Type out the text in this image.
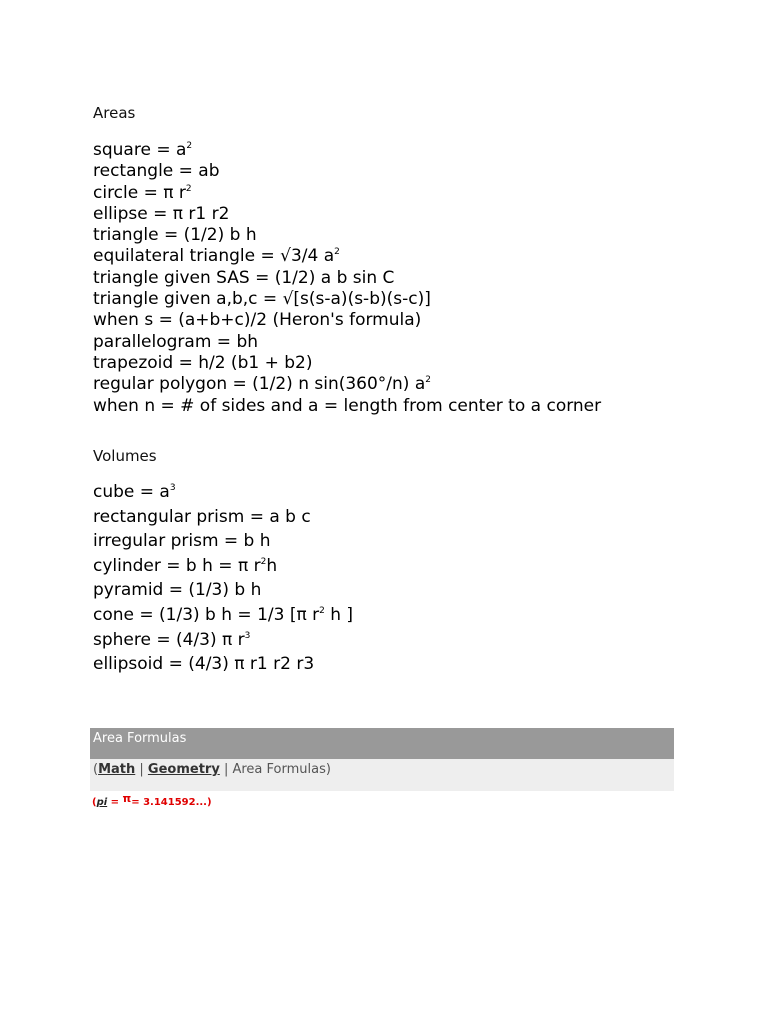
Areas
square = $a^2$
rectangle = ab
circle = π $r^2$
ellipse = π r1 r2
triangle = (1/2) b h
equilateral triangle = √3/4 $a^2$
triangle given SAS = (1/2) a b sin C
triangle given a,b,c = √[s(s-a)(s-b)(s-c)]
when s = (a+b+c)/2 (Heron's formula)
parallelogram = bh
trapezoid = h/2 (b1 + b2)
regular polygon = (1/2) n sin(360°/n) $a^2$
when n = # of sides and a = length from center to a corner
Volumes
cube = $a^3$
rectangular prism = a b c
irregular prism = b h
cylinder = b h = π $r^2h$
pyramid = (1/3) b h
cone = (1/3) b h = 1/3 [π $r^2$ h ]
sphere = (4/3) π $r^3$
ellipsoid = (4/3) π r1 r2 r3
Area Formulas
(Math | Geometry | Area Formulas)
(pi = π= 3.141592...)
